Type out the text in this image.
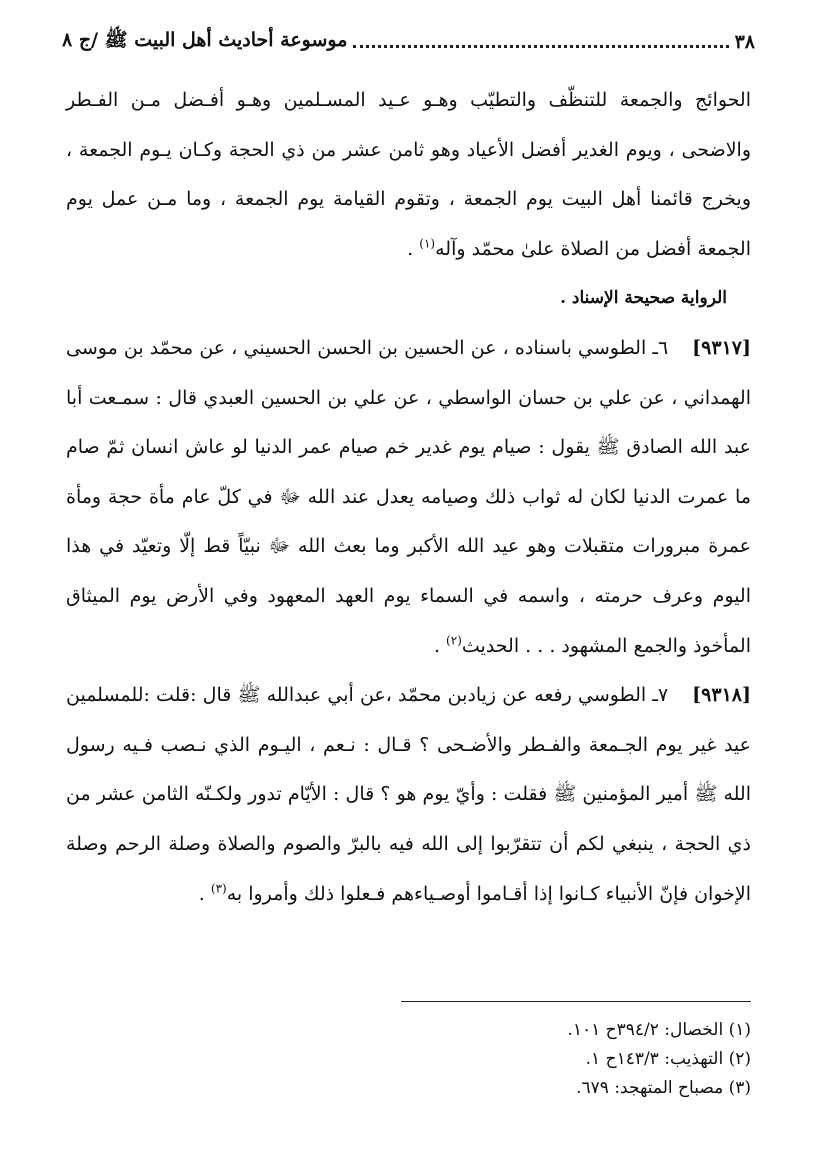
٣٨
موسوعة أحاديث أهل البيت ﷺ /ج ٨

الحوائج والجمعة للتنظّف والتطيّب وهـو عـيد المسـلمين وهـو أفـضل مـن الفـطر والاضحى ، ويوم الغدير أفضل الأعياد وهو ثامن عشر من ذي الحجة وكـان يـوم الجمعة ، ويخرج قائمنا أهل البيت يوم الجمعة ، وتقوم القيامة يوم الجمعة ، وما مـن عمل يوم الجمعة أفضل من الصلاة علىٰ محمّد وآله$^{(١)}$ .

الرواية صحيحة الإسناد .

[٩٣١٧]٦ـ الطوسي باسناده ، عن الحسين بن الحسن الحسيني ، عن محمّد بن موسى الهمداني ، عن علي بن حسان الواسطي ، عن علي بن الحسين العبدي قال : سمـعت أبا عبد الله الصادق ﷺ يقول : صيام يوم غدير خم صيام عمر الدنيا لو عاش انسان ثمّ صام ما عمرت الدنيا لكان له ثواب ذلك وصيامه يعدل عند الله ﷻ في كلّ عام مأة حجة ومأة عمرة مبرورات متقبلات وهو عيد الله الأكبر وما بعث الله ﷻ نبيّاً قط إلّا وتعيّد في هذا اليوم وعرف حرمته ، واسمه في السماء يوم العهد المعهود وفي الأرض يوم الميثاق المأخوذ والجمع المشهود . . . الحديث$^{(٢)}$ .

[٩٣١٨]٧ـ الطوسي رفعه عن زيادبن محمّد ،عن أبي عبدالله ﷺ قال :قلت :للمسلمين عيد غير يوم الجـمعة والفـطر والأضـحى ؟ قـال : نـعم ، اليـوم الذي نـصب فـيه رسول الله ﷺ أمير المؤمنين ﷺ فقلت : وأيّ يوم هو ؟ قال : الأيّام تدور ولكـنّه الثامن عشر من ذي الحجة ، ينبغي لكم أن تتقرّبوا إلى الله فيه بالبرّ والصوم والصلاة وصلة الرحم وصلة الإخوان فإنّ الأنبياء كـانوا إذا أقـاموا أوصـياءهم فـعلوا ذلك وأمروا به$^{(٣)}$ .

(١) الخصال: ٣٩٤/٢ح ١٠١.

(٢) التهذيب: ١٤٣/٣ح ١.

(٣) مصباح المتهجد: ٦٧٩.
